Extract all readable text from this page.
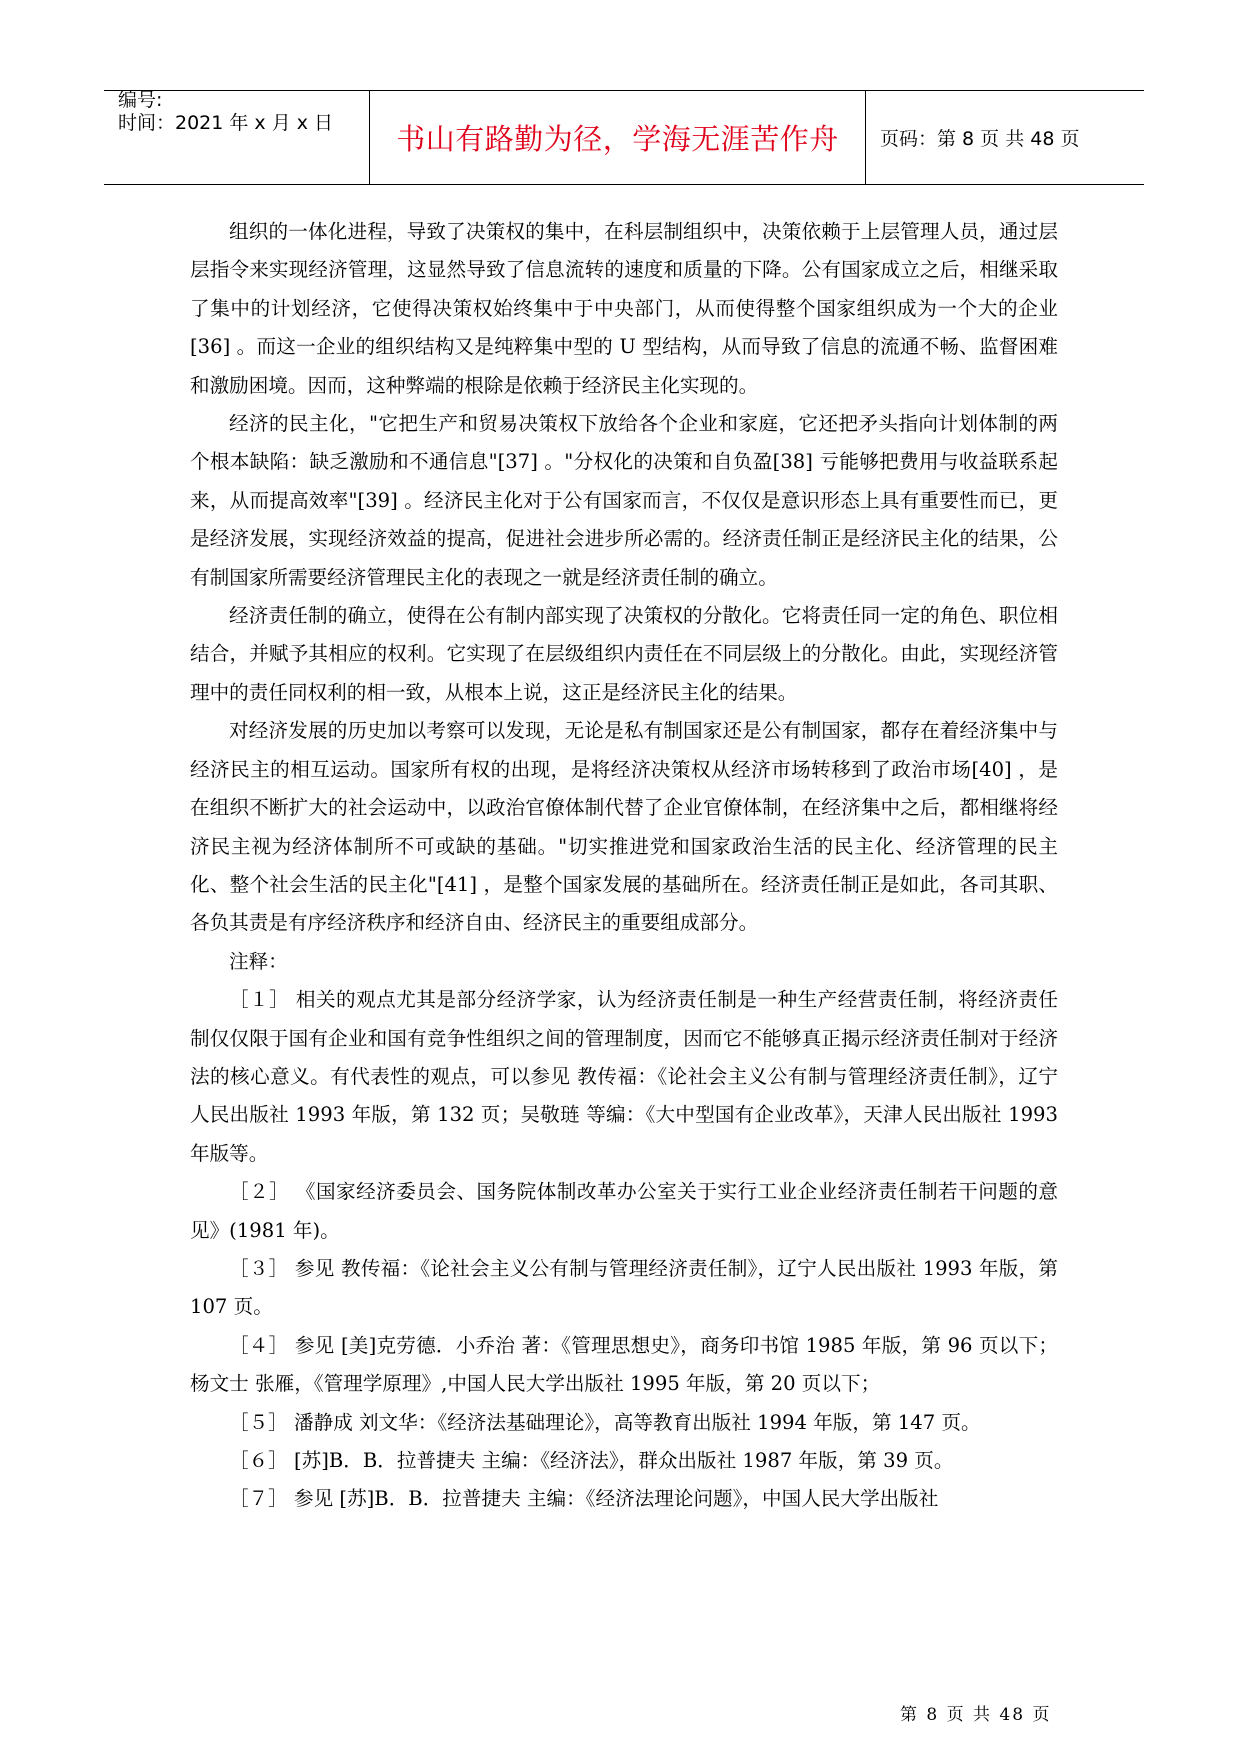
编号:
时间：2021 年 x 月 x 日 书山有路勤为径，学海无涯苦作舟 页码：第 8 页 共 48 页

组织的一体化进程，导致了决策权的集中，在科层制组织中，决策依赖于上层管理人员，通过层层指令来实现经济管理，这显然导致了信息流转的速度和质量的下降。公有国家成立之后，相继采取了集中的计划经济，它使得决策权始终集中于中央部门，从而使得整个国家组织成为一个大的企业[36] 。而这一企业的组织结构又是纯粹集中型的 U 型结构，从而导致了信息的流通不畅、监督困难和激励困境。因而，这种弊端的根除是依赖于经济民主化实现的。

经济的民主化，"它把生产和贸易决策权下放给各个企业和家庭，它还把矛头指向计划体制的两个根本缺陷：缺乏激励和不通信息"[37] 。"分权化的决策和自负盈[38] 亏能够把费用与收益联系起来，从而提高效率"[39] 。经济民主化对于公有国家而言，不仅仅是意识形态上具有重要性而已，更是经济发展，实现经济效益的提高，促进社会进步所必需的。经济责任制正是经济民主化的结果，公有制国家所需要经济管理民主化的表现之一就是经济责任制的确立。

经济责任制的确立，使得在公有制内部实现了决策权的分散化。它将责任同一定的角色、职位相结合，并赋予其相应的权利。它实现了在层级组织内责任在不同层级上的分散化。由此，实现经济管理中的责任同权利的相一致，从根本上说，这正是经济民主化的结果。

对经济发展的历史加以考察可以发现，无论是私有制国家还是公有制国家，都存在着经济集中与经济民主的相互运动。国家所有权的出现，是将经济决策权从经济市场转移到了政治市场[40] ，是在组织不断扩大的社会运动中，以政治官僚体制代替了企业官僚体制，在经济集中之后，都相继将经济民主视为经济体制所不可或缺的基础。"切实推进党和国家政治生活的民主化、经济管理的民主化、整个社会生活的民主化"[41] ，是整个国家发展的基础所在。经济责任制正是如此，各司其职、各负其责是有序经济秩序和经济自由、经济民主的重要组成部分。

注释：

［１］ 相关的观点尤其是部分经济学家，认为经济责任制是一种生产经营责任制，将经济责任制仅仅限于国有企业和国有竞争性组织之间的管理制度，因而它不能够真正揭示经济责任制对于经济法的核心意义。有代表性的观点，可以参见 教传福：《论社会主义公有制与管理经济责任制》，辽宁人民出版社 1993 年版，第 132 页；吴敬琏 等编：《大中型国有企业改革》，天津人民出版社 1993 年版等。

［２］ 《国家经济委员会、国务院体制改革办公室关于实行工业企业经济责任制若干问题的意见》(1981 年)。

［３］ 参见 教传福：《论社会主义公有制与管理经济责任制》，辽宁人民出版社 1993 年版，第 107 页。

［４］ 参见 [美]克劳德．小乔治 著：《管理思想史》，商务印书馆 1985 年版，第 96 页以下；杨文士 张雁，《管理学原理》,中国人民大学出版社 1995 年版，第 20 页以下；

［５］ 潘静成 刘文华：《经济法基础理论》，高等教育出版社 1994 年版，第 147 页。

［６］ [苏]B．B．拉普捷夫 主编：《经济法》，群众出版社 1987 年版，第 39 页。

［７］ 参见 [苏]B．B．拉普捷夫 主编：《经济法理论问题》，中国人民大学出版社

第 8 页 共 48 页
